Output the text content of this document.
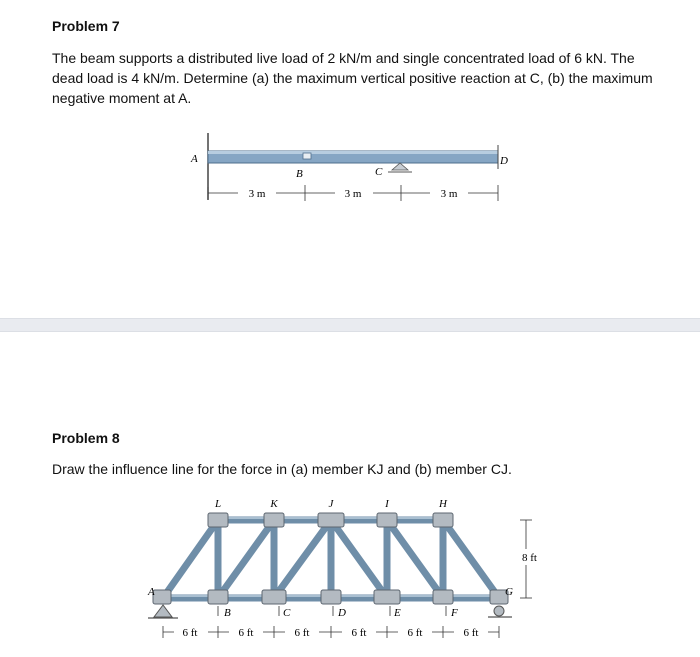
Problem 7
The beam supports a distributed live load of 2 kN/m and single concentrated load of 6 kN. The dead load is 4 kN/m. Determine (a) the maximum vertical positive reaction at C, (b) the maximum negative moment at A.
A
B	C
D
3 m	3 m	3 m
Problem 8
Draw the influence line for the force in (a) member KJ and (b) member CJ.
L	K	J	I	H
B	C	D	E	F
A	G
8 ft
6 ft	6 ft	6 ft	6 ft	6 ft	6 ft
